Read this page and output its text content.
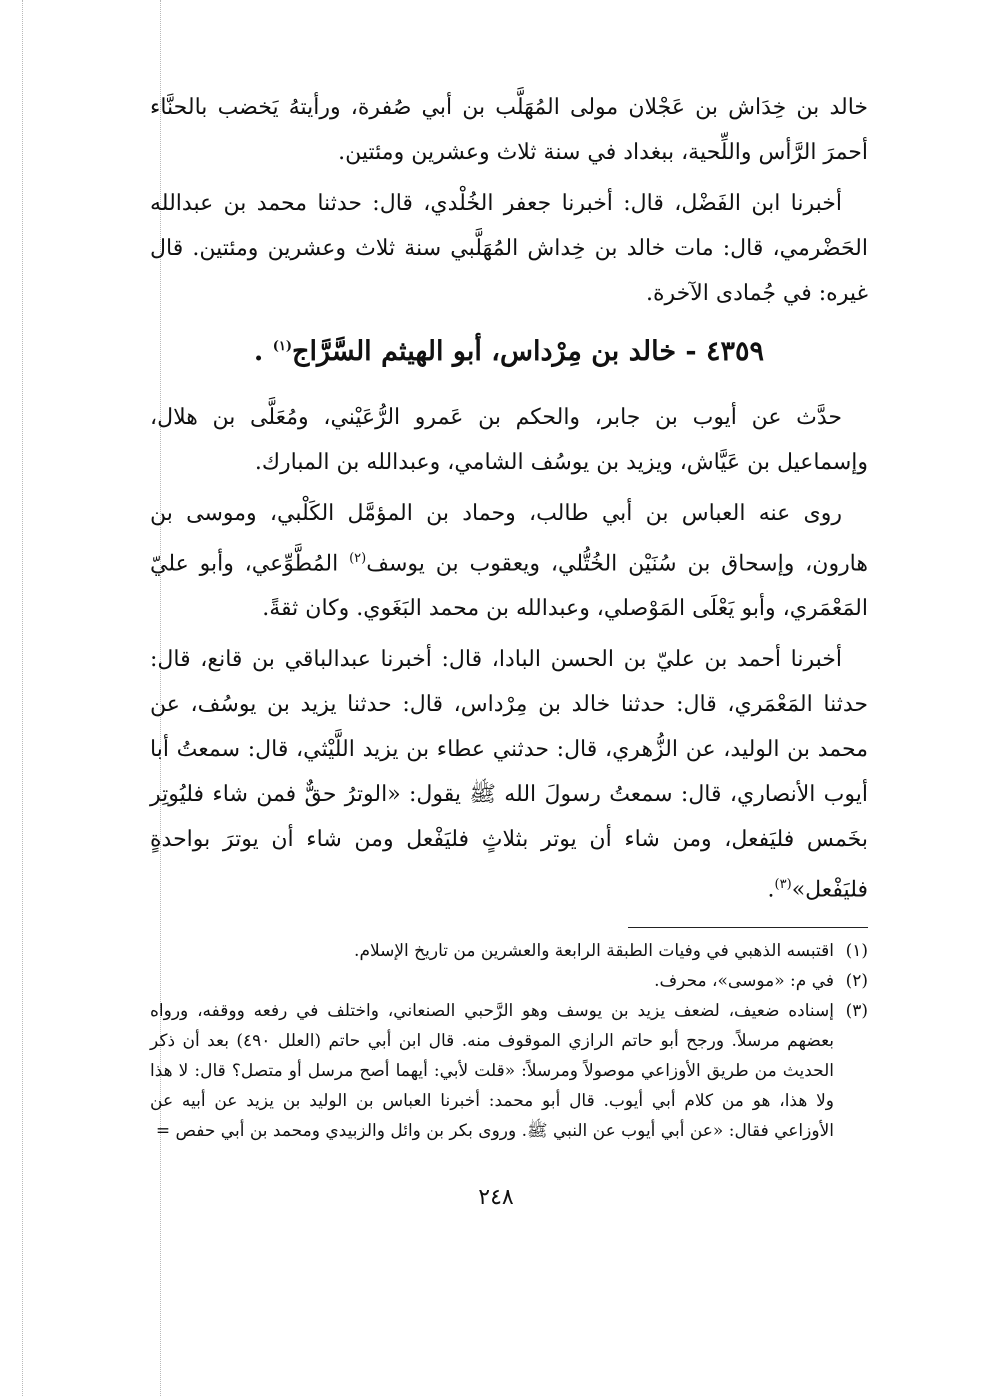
خالد بن خِدَاش بن عَجْلان مولى المُهَلَّب بن أبي صُفرة، ورأيتهُ يَخضب بالحنَّاء أحمرَ الرَّأس واللِّحية، ببغداد في سنة ثلاث وعشرين ومئتين.

أخبرنا ابن الفَضْل، قال: أخبرنا جعفر الخُلْدي، قال: حدثنا محمد بن عبدالله الحَضْرمي، قال: مات خالد بن خِداش المُهَلَّبي سنة ثلاث وعشرين ومئتين. قال غيره: في جُمادى الآخرة.

٤٣٥٩ - خالد بن مِرْداس، أبو الهيثم السَّرَّاج$^{(١)}$ .

حدَّث عن أيوب بن جابر، والحكم بن عَمرو الرُّعَيْني، ومُعَلَّى بن هلال، وإسماعيل بن عَيَّاش، ويزيد بن يوسُف الشامي، وعبدالله بن المبارك.

روى عنه العباس بن أبي طالب، وحماد بن المؤمَّل الكَلْبي، وموسى بن هارون، وإسحاق بن سُنَيْن الخُتُّلي، ويعقوب بن يوسف$^{(٢)}$ المُطَّوِّعي، وأبو عليّ المَعْمَري، وأبو يَعْلَى المَوْصلي، وعبدالله بن محمد البَغَوي. وكان ثقةً.

أخبرنا أحمد بن عليّ بن الحسن البادا، قال: أخبرنا عبدالباقي بن قانع، قال: حدثنا المَعْمَري، قال: حدثنا خالد بن مِرْداس، قال: حدثنا يزيد بن يوسُف، عن محمد بن الوليد، عن الزُّهري، قال: حدثني عطاء بن يزيد اللَّيْثي، قال: سمعتُ أبا أيوب الأنصاري، قال: سمعتُ رسولَ الله ﷺ يقول: «الوترُ حقٌّ فمن شاء فليُوتِر بخَمس فليَفعل، ومن شاء أن يوتر بثلاثٍ فليَفْعل ومن شاء أن يوترَ بواحدةٍ فليَفْعل»$^{(٣)}$.

(١)
اقتبسه الذهبي في وفيات الطبقة الرابعة والعشرين من تاريخ الإسلام.
(٢)
في م: «موسى»، محرف.
(٣)
إسناده ضعيف، لضعف يزيد بن يوسف وهو الرَّحبي الصنعاني، واختلف في رفعه ووقفه، ورواه بعضهم مرسلاً. ورجح أبو حاتم الرازي الموقوف منه. قال ابن أبي حاتم (العلل ٤٩٠) بعد أن ذكر الحديث من طريق الأوزاعي موصولاً ومرسلاً: «قلت لأبي: أيهما أصح مرسل أو متصل؟ قال: لا هذا ولا هذا، هو من كلام أبي أيوب. قال أبو محمد: أخبرنا العباس بن الوليد بن يزيد عن أبيه عن الأوزاعي فقال: «عن أبي أيوب عن النبي ﷺ. وروى بكر بن وائل والزبيدي ومحمد بن أبي حفص =
٢٤٨
